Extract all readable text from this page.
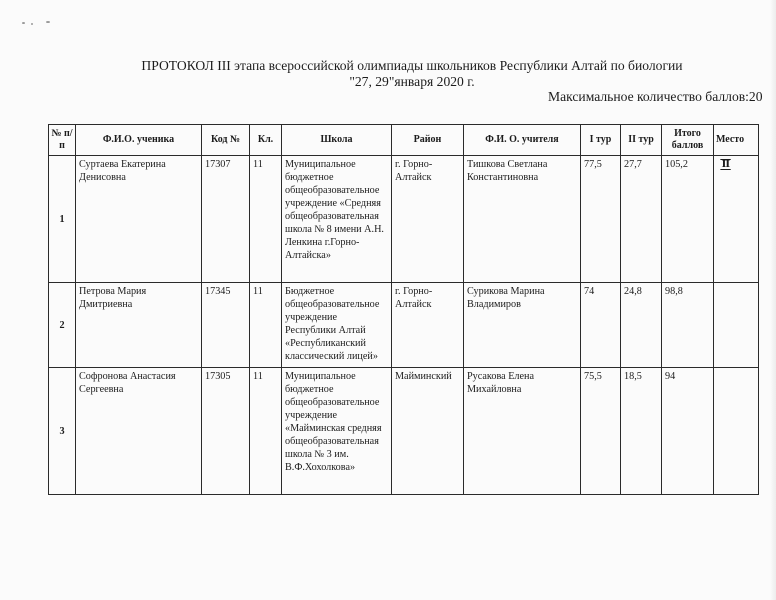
ПРОТОКОЛ III этапа всероссийской олимпиады школьников Республики Алтай по биологии
"27, 29"января 2020 г.
Максимальное количество баллов:20
№ п/п	Ф.И.О. ученика	Код №	Кл.	Школа	Район	Ф.И. О. учителя	I тур	II тур	Итого баллов	Место
1	Суртаева Екатерина Денисовна	17307	11	Муниципальное бюджетное общеобразовательное учреждение «Средняя общеобразовательная школа № 8 имени А.Н. Ленкина г.Горно-Алтайска»	г. Горно-Алтайск	Тишкова Светлана Константиновна	77,5	27,7	105,2	II
2	Петрова Мария Дмитриевна	17345	11	Бюджетное общеобразовательное учреждение Республики Алтай «Республиканский классический лицей»	г. Горно-Алтайск	Сурикова Марина Владимиров	74	24,8	98,8	
3	Софронова Анастасия Сергеевна	17305	11	Муниципальное бюджетное общеобразовательное учреждение «Майминская средняя общеобразовательная школа № 3 им. В.Ф.Хохолкова»	Майминский	Русакова Елена Михайловна	75,5	18,5	94	
